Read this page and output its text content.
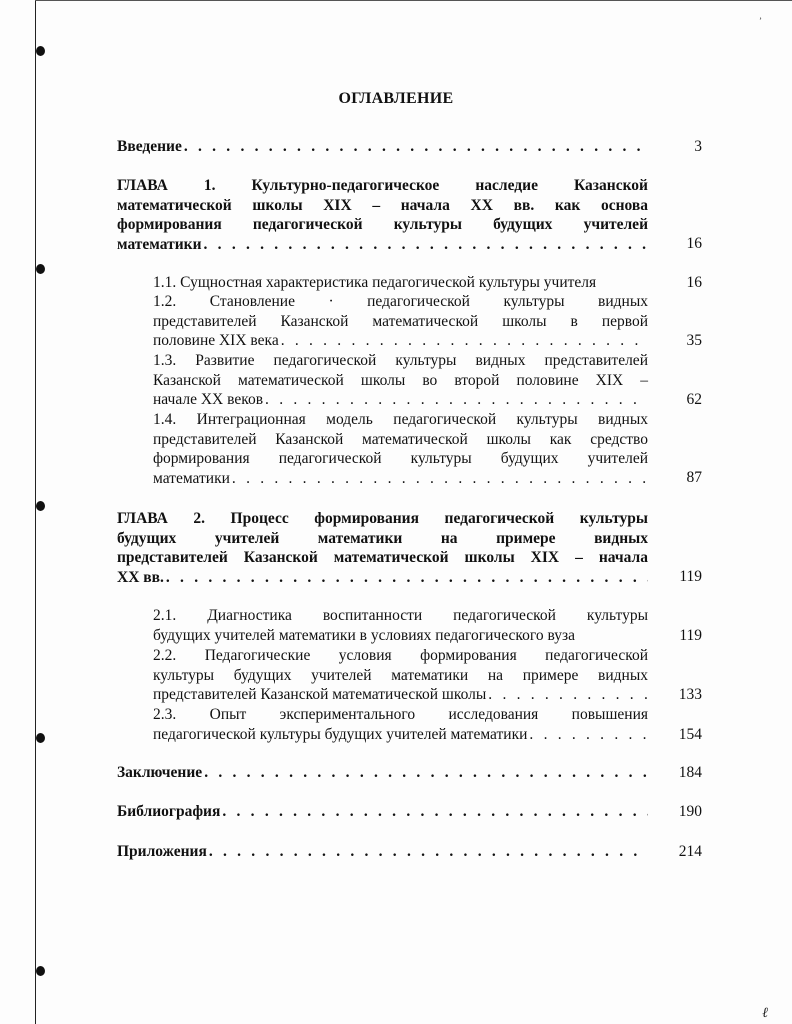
ʼ
ℓ
ОГЛАВЛЕНИЕ
Введение . . .	3
ГЛАВА 1. Культурно-педагогическое наследие Казанской
математической школы XIX – начала XX вв. как основа
формирования педагогической культуры будущих учителей
математики . . .	16
1.1. Сущностная характеристика педагогической культуры учителя	16
1.2. Становление · педагогической культуры видных
представителей Казанской математической школы в первой
половине XIX века . . .	35
1.3. Развитие педагогической культуры видных представителей
Казанской математической школы во второй половине XIX –
начале XX веков . . .	62
1.4. Интеграционная модель педагогической культуры видных
представителей Казанской математической школы как средство
формирования педагогической культуры будущих учителей
математики . . .	87
ГЛАВА 2. Процесс формирования педагогической культуры
будущих учителей математики на примере видных
представителей Казанской математической школы XIX – начала
XX вв. . . .	119
2.1. Диагностика воспитанности педагогической культуры
будущих учителей математики в условиях педагогического вуза	119
2.2. Педагогические условия формирования педагогической
культуры будущих учителей математики на примере видных
представителей Казанской математической школы . . .	133
2.3. Опыт экспериментального исследования повышения
педагогической культуры будущих учителей математики . . .	154
Заключение . . .	184
Библиография . . .	190
Приложения . . .	214
